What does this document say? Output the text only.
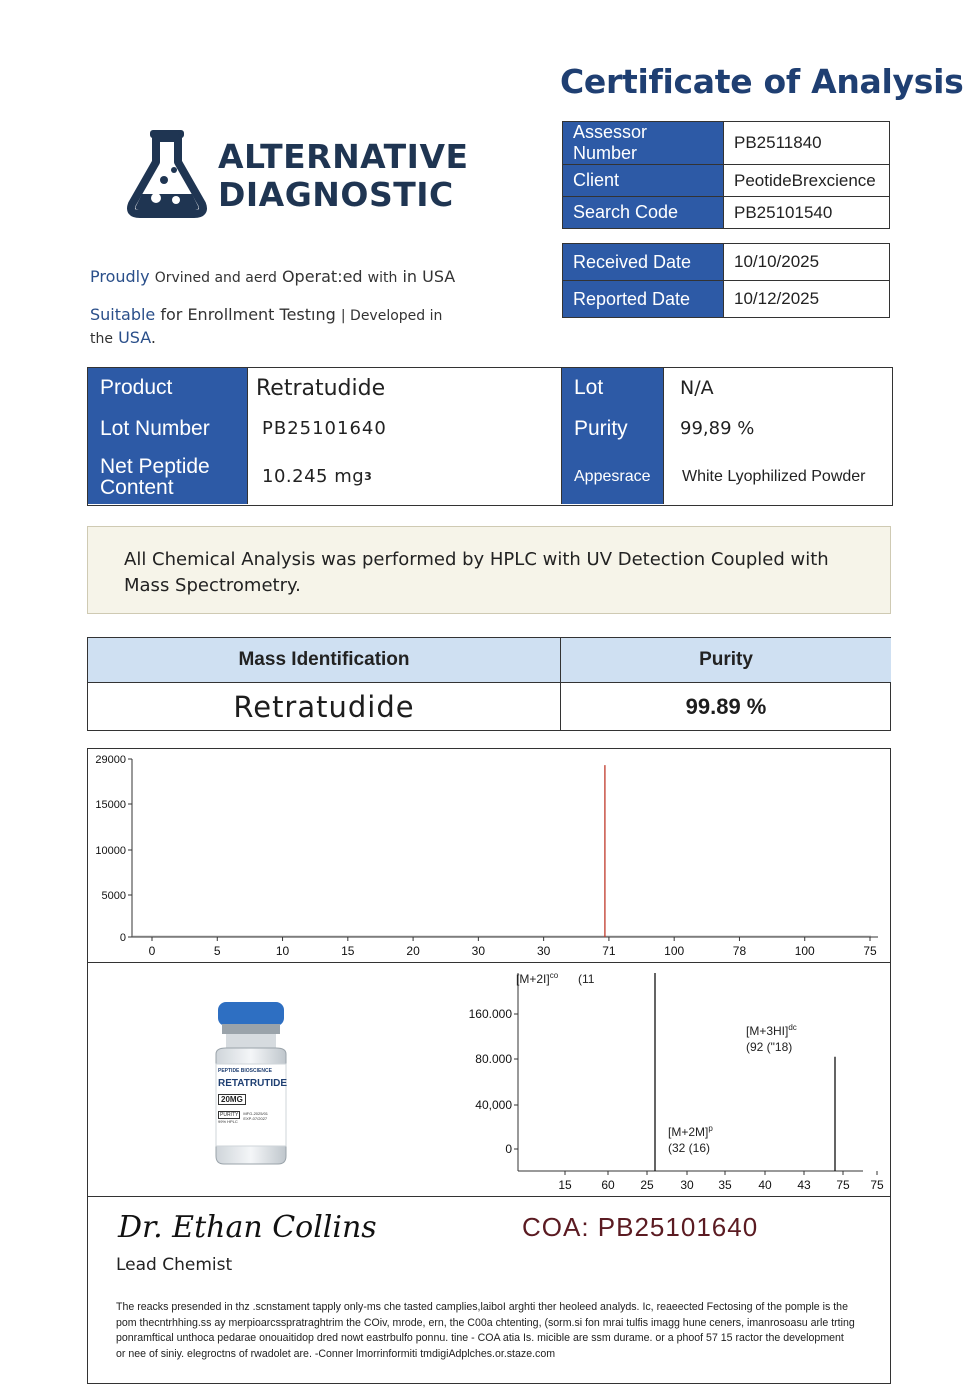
Certificate of Analysis
ALTERNATIVE
DIAGNOSTIC
Proudly Orvined and aerd Operat:ed with in USA
Suitable for Enrollment Testıng | Developed in
the USA.
Assessor Number	PB2511840
Client	PeotideBrexcience
Search Code	PB25101540
Received Date	10/10/2025
Reported Date	10/12/2025
Product	Retratudide	Lot	N/A
Lot Number	PB25101640	Purity	99,89 %
Net Peptide
Content	10.245 mg 3	Appesrace	White Lyophilized Powder
All Chemical Analysis was performed by HPLC with UV Detection Coupled with Mass Spectrometry.
Mass Identification	Purity
Retratudide	99.89 %
29000
15000
10000
5000
0
0	5	10	15	20	30	30	71	100	78	100	75
160.000
80.000
40,000
0
15 60 25 30 35 40 43 75 75
$[M+2I]^{co}$ (11
$[M+2M]^p$
(32 (16)
$[M+3HI]^{dc}$
(92 ("18)
PEPTIDE BIOSCIENCE
RETATRUTIDE
20MG
PURITY
99% HPLC
MFG-2025/01
EXP-07/2027
Dr. Ethan Collins	COA: PB25101640
Lead Chemist
The reacks presended in thz .scnstament tapply only-ms che tasted camplies,laiboI arghti ther heoleed analyds. Ic, reaeected Fectosing of the pomple is the pom thecntrhhing.ss ay merpioarcsspratraghtrim the COiv, mrode, ern, the C00a chtenting, (sorm.si fon mrai tulfis imagg hune ceners, imanrosoasu arle trting ponramftical unthoca pedarae onouaitidop dred nowt eastrbulfo ponnu. tine - COA atia Is. micible are ssm durame. or a phoof 57 15 ractor the development or nee of siniy. elegroctns of rwadolet are. -Conner lmorrinformiti tmdigiAdplches.or.staze.com
